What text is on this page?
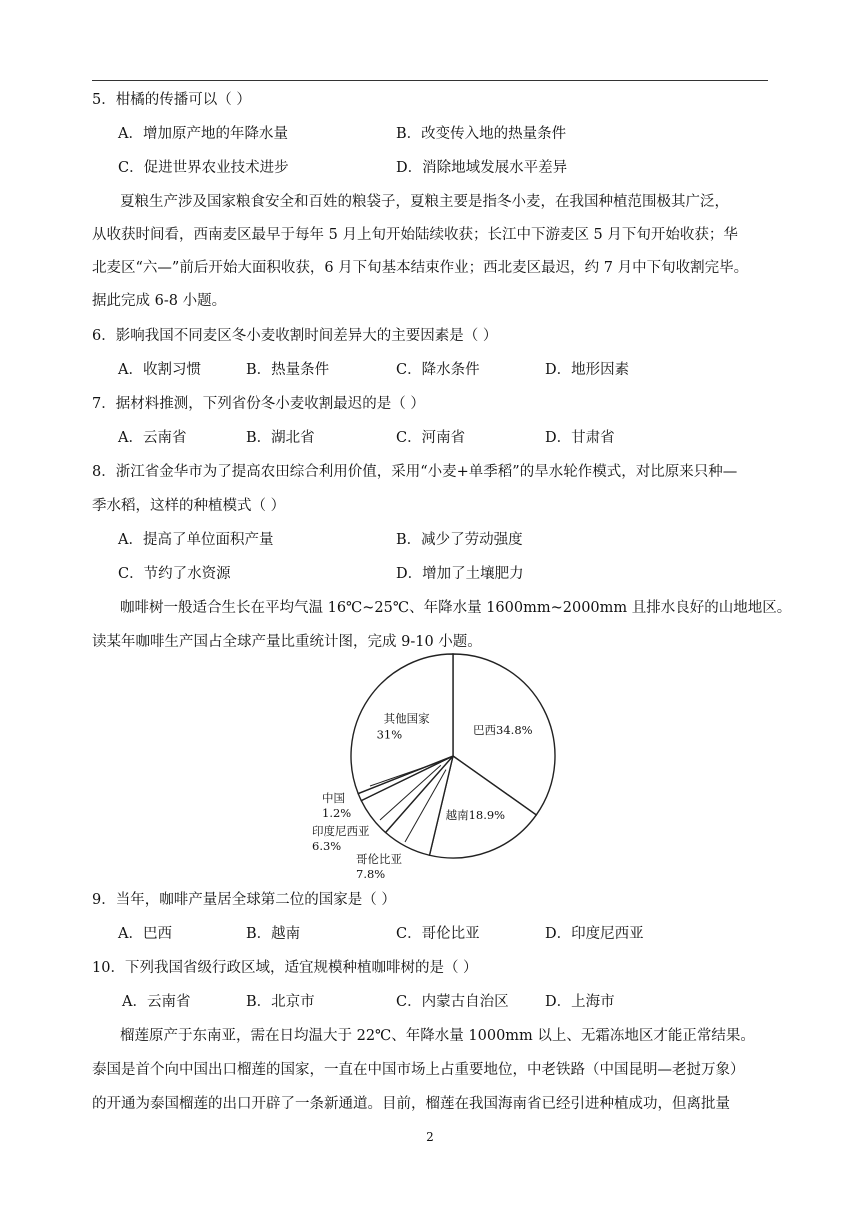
5．柑橘的传播可以（ ）
A．增加原产地的年降水量	B．改变传入地的热量条件
C．促进世界农业技术进步	D．消除地域发展水平差异
夏粮生产涉及国家粮食安全和百姓的粮袋子，夏粮主要是指冬小麦，在我国种植范围极其广泛，
从收获时间看，西南麦区最早于每年 5 月上旬开始陆续收获；长江中下游麦区 5 月下旬开始收获；华
北麦区“六—”前后开始大面积收获，6 月下旬基本结束作业；西北麦区最迟，约 7 月中下旬收割完毕。
据此完成 6-8 小题。
6．影响我国不同麦区冬小麦收割时间差异大的主要因素是（ ）
A．收割习惯	B．热量条件	C．降水条件	D．地形因素
7．据材料推测，下列省份冬小麦收割最迟的是（ ）
A．云南省	B．湖北省	C．河南省	D．甘肃省
8．浙江省金华市为了提高农田综合利用价值，采用“小麦+单季稻”的旱水轮作模式，对比原来只种—
季水稻，这样的种植模式（ ）
A．提高了单位面积产量	B．减少了劳动强度
C．节约了水资源	D．增加了土壤肥力
咖啡树一般适合生长在平均气温 16℃~25℃、年降水量 1600mm~2000mm 且排水良好的山地地区。
读某年咖啡生产国占全球产量比重统计图，完成 9-10 小题。
巴西34.8%
越南18.9%
其他国家
31%
中国
1.2%
印度尼西亚
6.3%
哥伦比亚
7.8%
9．当年，咖啡产量居全球第二位的国家是（ ）
A．巴西	B．越南	C．哥伦比亚	D．印度尼西亚
10．下列我国省级行政区域，适宜规模种植咖啡树的是（ ）
A．云南省	B．北京市	C．内蒙古自治区	D．上海市
榴莲原产于东南亚，需在日均温大于 22℃、年降水量 1000mm 以上、无霜冻地区才能正常结果。
泰国是首个向中国出口榴莲的国家，一直在中国市场上占重要地位，中老铁路（中国昆明—老挝万象）
的开通为泰国榴莲的出口开辟了一条新通道。目前，榴莲在我国海南省已经引进种植成功，但离批量
2
